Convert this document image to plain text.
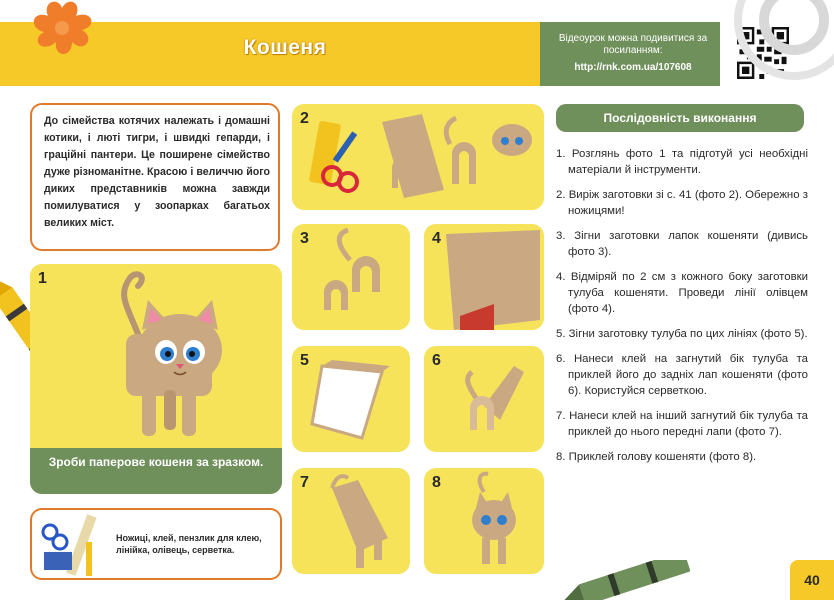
Кошеня	Відеоурок можна подивитися за посиланням:
http://rnk.com.ua/107608
До сімейства котячих належать і домашні котики, і люті тигри, і швидкі гепарди, і граційні пантери. Це поширене сімейство дуже різноманітне. Красою і величчю його диких представників можна завжди помилуватися у зоопарках багатьох великих міст.
1
Зроби паперове кошеня за зразком.
Ножиці, клей, пензлик для клею, лінійка, олівець, серветка.
2
3	4
5	6
7	8
Послідовність виконання
1. Розглянь фото 1 та підготуй усі необхідні матеріали й інструменти.
2. Виріж заготовки зі с. 41 (фото 2). Обережно з ножицями!
3. Зігни заготовки лапок кошеняти (дивись фото 3).
4. Відміряй по 2 см з кожного боку заготовки тулуба кошеняти. Проведи лінії олівцем (фото 4).
5. Зігни заготовку тулуба по цих лініях (фото 5).
6. Нанеси клей на загнутий бік тулуба та приклей його до задніх лап кошеняти (фото 6). Користуйся серветкою.
7. Нанеси клей на інший загнутий бік тулуба та приклей до нього передні лапи (фото 7).
8. Приклей голову кошеняти (фото 8).
40
